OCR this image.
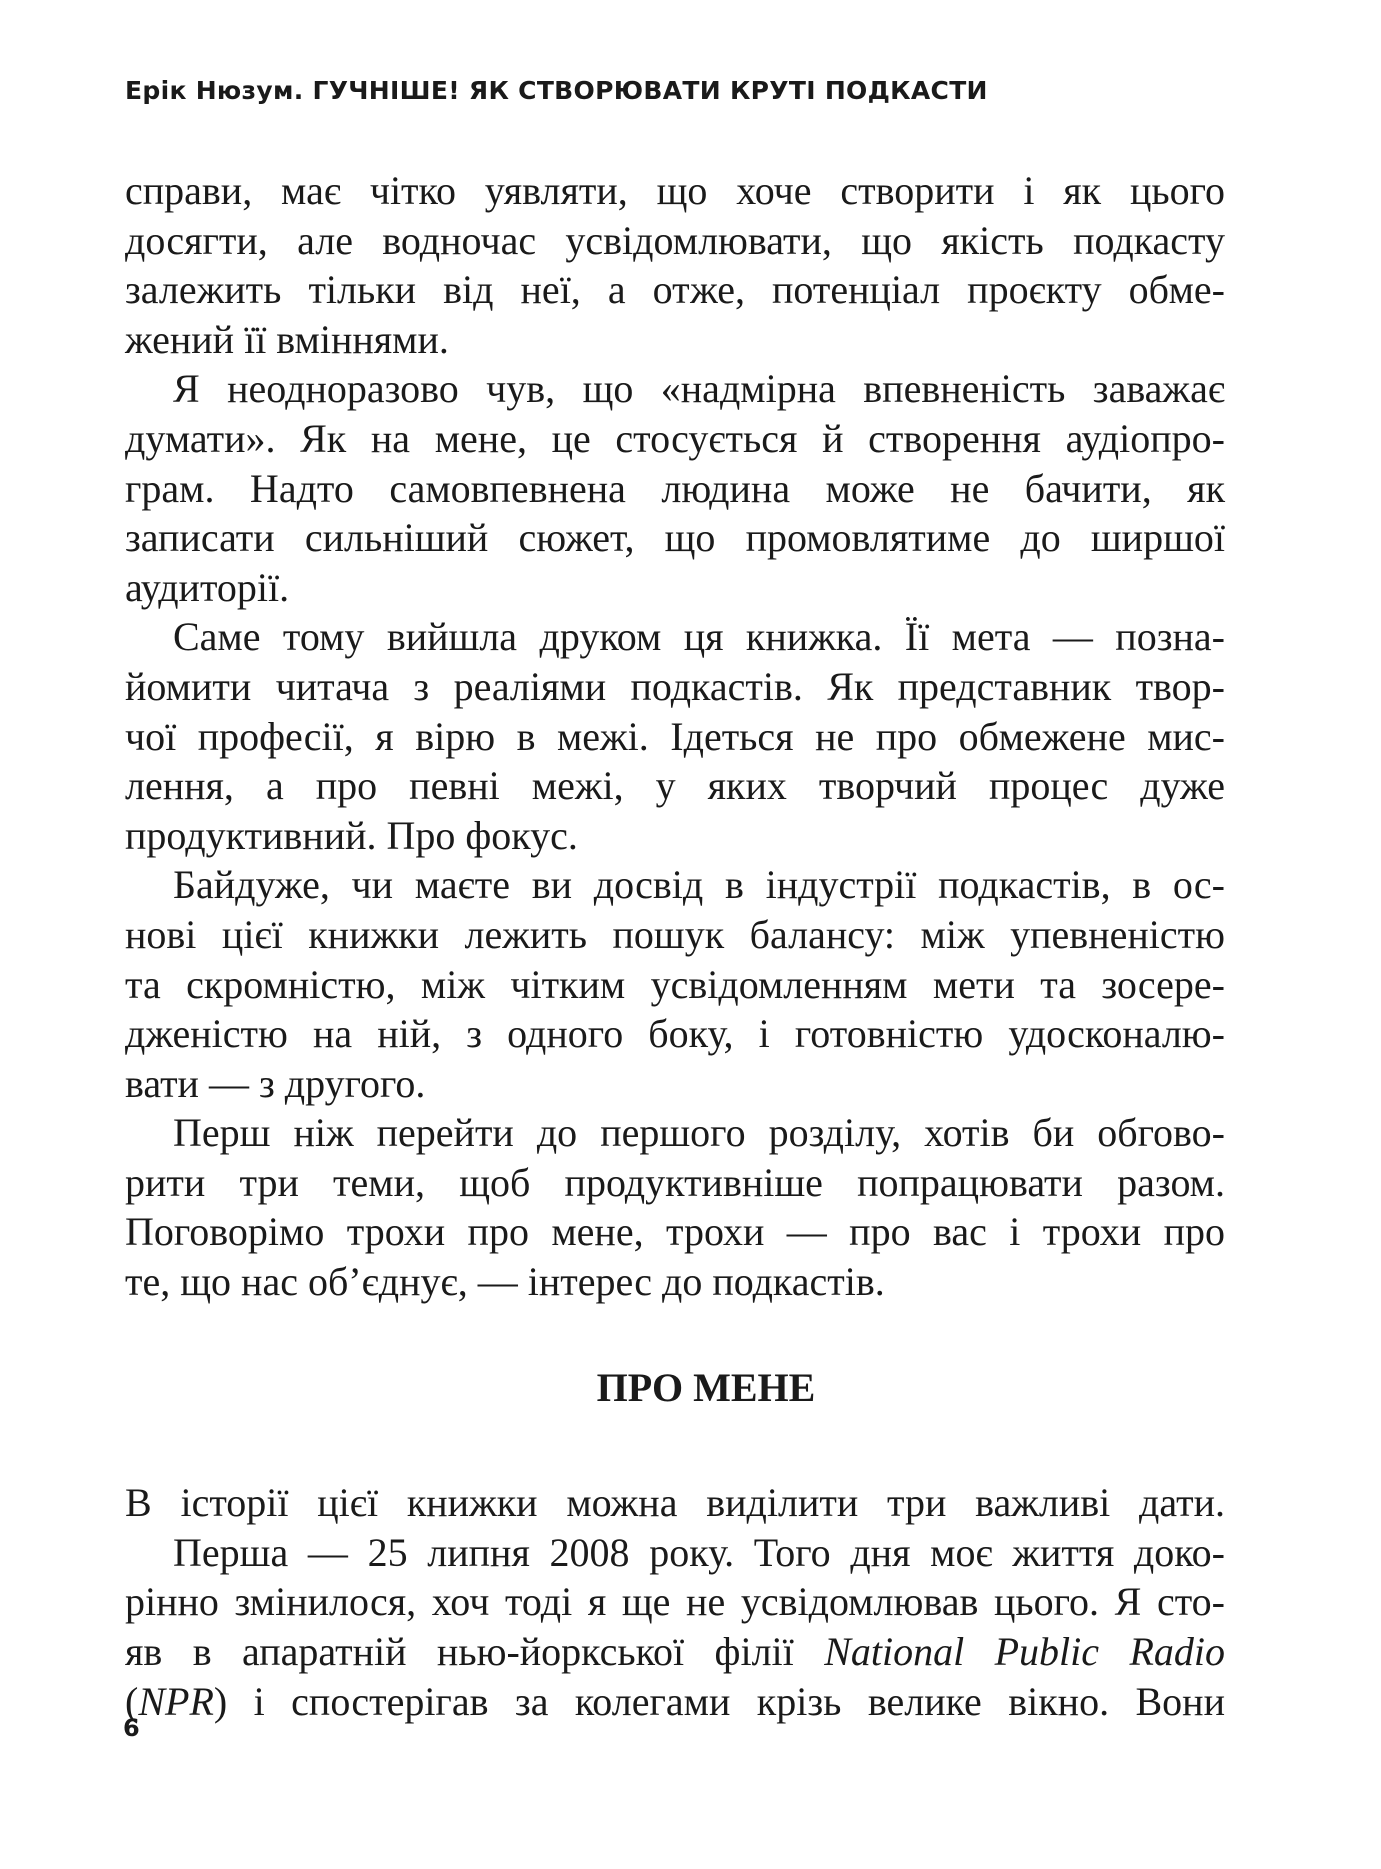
Ерік Нюзум. ГУЧНІШЕ! ЯК СТВОРЮВАТИ КРУТІ ПОДКАСТИ
справи, має чітко уявляти, що хоче створити і як цього
досягти, але водночас усвідомлювати, що якість подкасту
залежить тільки від неї, а отже, потенціал проєкту обме-
жений її вміннями.
Я неодноразово чув, що «надмірна впевненість заважає
думати». Як на мене, це стосується й створення аудіопро-
грам. Надто самовпевнена людина може не бачити, як
записати сильніший сюжет, що промовлятиме до ширшої
аудиторії.
Саме тому вийшла друком ця книжка. Її мета — позна-
йомити читача з реаліями подкастів. Як представник твор-
чої професії, я вірю в межі. Ідеться не про обмежене мис-
лення, а про певні межі, у яких творчий процес дуже
продуктивний. Про фокус.
Байдуже, чи маєте ви досвід в індустрії подкастів, в ос-
нові цієї книжки лежить пошук балансу: між упевненістю
та скромністю, між чітким усвідомленням мети та зосере-
дженістю на ній, з одного боку, і готовністю удосконалю-
вати — з другого.
Перш ніж перейти до першого розділу, хотів би обгово-
рити три теми, щоб продуктивніше попрацювати разом.
Поговорімо трохи про мене, трохи — про вас і трохи про
те, що нас об’єднує, — інтерес до подкастів.
ПРО МЕНЕ
В історії цієї книжки можна виділити три важливі дати.
Перша — 25 липня 2008 року. Того дня моє життя доко-
рінно змінилося, хоч тоді я ще не усвідомлював цього. Я сто-
яв в апаратній нью-йоркської філії National Public Radio
(NPR) і спостерігав за колегами крізь велике вікно. Вони
6
